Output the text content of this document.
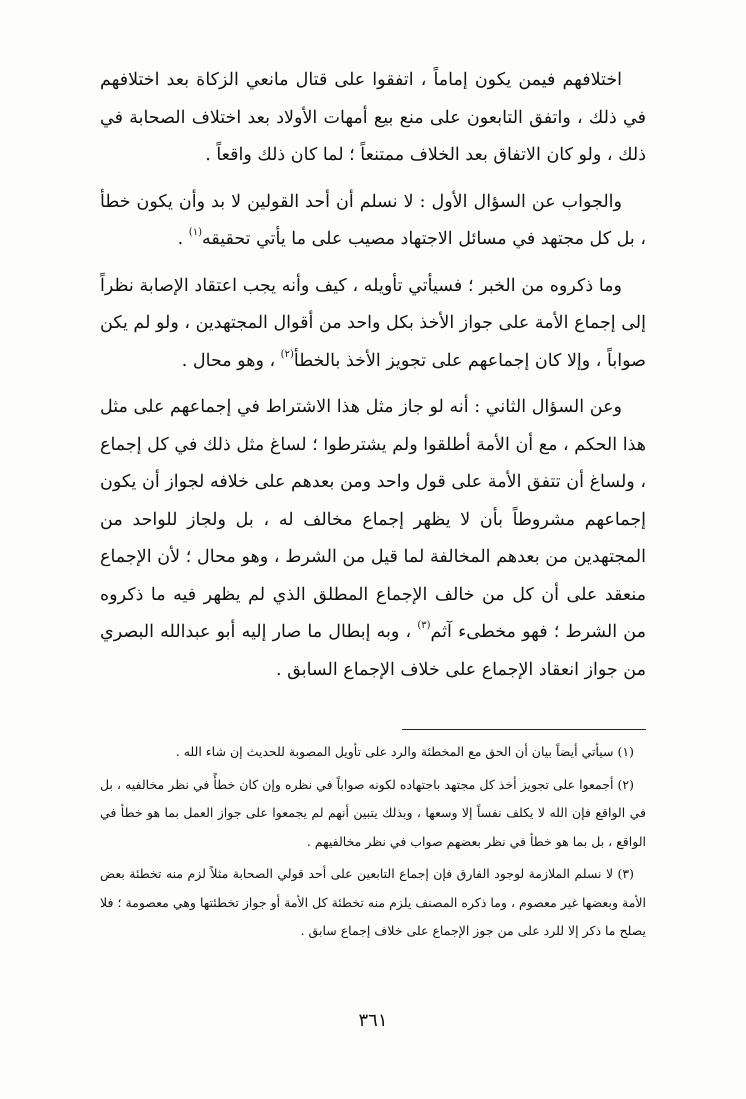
اختلافهم فيمن يكون إماماً ، اتفقوا على قتال مانعي الزكاة بعد اختلافهم في ذلك ، واتفق التابعون على منع بيع أمهات الأولاد بعد اختلاف الصحابة في ذلك ، ولو كان الاتفاق بعد الخلاف ممتنعاً ؛ لما كان ذلك واقعاً .

والجواب عن السؤال الأول : لا نسلم أن أحد القولين لا بد وأن يكون خطأ ، بل كل مجتهد في مسائل الاجتهاد مصيب على ما يأتي تحقيقه$^{(١)}$ .

وما ذكروه من الخبر ؛ فسيأتي تأويله ، كيف وأنه يجب اعتقاد الإصابة نظراً إلى إجماع الأمة على جواز الأخذ بكل واحد من أقوال المجتهدين ، ولو لم يكن صواباً ، وإلا كان إجماعهم على تجويز الأخذ بالخطأ$^{(٢)}$ ، وهو محال .

وعن السؤال الثاني : أنه لو جاز مثل هذا الاشتراط في إجماعهم على مثل هذا الحكم ، مع أن الأمة أطلقوا ولم يشترطوا ؛ لساغ مثل ذلك في كل إجماع ، ولساغ أن تتفق الأمة على قول واحد ومن بعدهم على خلافه لجواز أن يكون إجماعهم مشروطاً بأن لا يظهر إجماع مخالف له ، بل ولجاز للواحد من المجتهدين من بعدهم المخالفة لما قيل من الشرط ، وهو محال ؛ لأن الإجماع منعقد على أن كل من خالف الإجماع المطلق الذي لم يظهر فيه ما ذكروه من الشرط ؛ فهو مخطىء آثم$^{(٣)}$ ، وبه إبطال ما صار إليه أبو عبدالله البصري من جواز انعقاد الإجماع على خلاف الإجماع السابق .

(١) سيأتي أيضاً بيان أن الحق مع المخطئة والرد على تأويل المصوبة للحديث إن شاء الله .

(٢) أجمعوا على تجويز أخذ كل مجتهد باجتهاده لكونه صواباً في نظره وإن كان خطأً في نظر مخالفيه ، بل في الواقع فإن الله لا يكلف نفساً إلا وسعها ، وبذلك يتبين أنهم لم يجمعوا على جواز العمل بما هو خطأ في الواقع ، بل بما هو خطأ في نظر بعضهم صواب في نظر مخالفيهم .

(٣) لا نسلم الملازمة لوجود الفارق فإن إجماع التابعين على أحد قولي الصحابة مثلاً لزم منه تخطئة بعض الأمة وبعضها غير معصوم ، وما ذكره المصنف يلزم منه تخطئة كل الأمة أو جواز تخطئتها وهي معصومة ؛ فلا يصلح ما ذكر إلا للرد على من جوز الإجماع على خلاف إجماع سابق .

٣٦١
